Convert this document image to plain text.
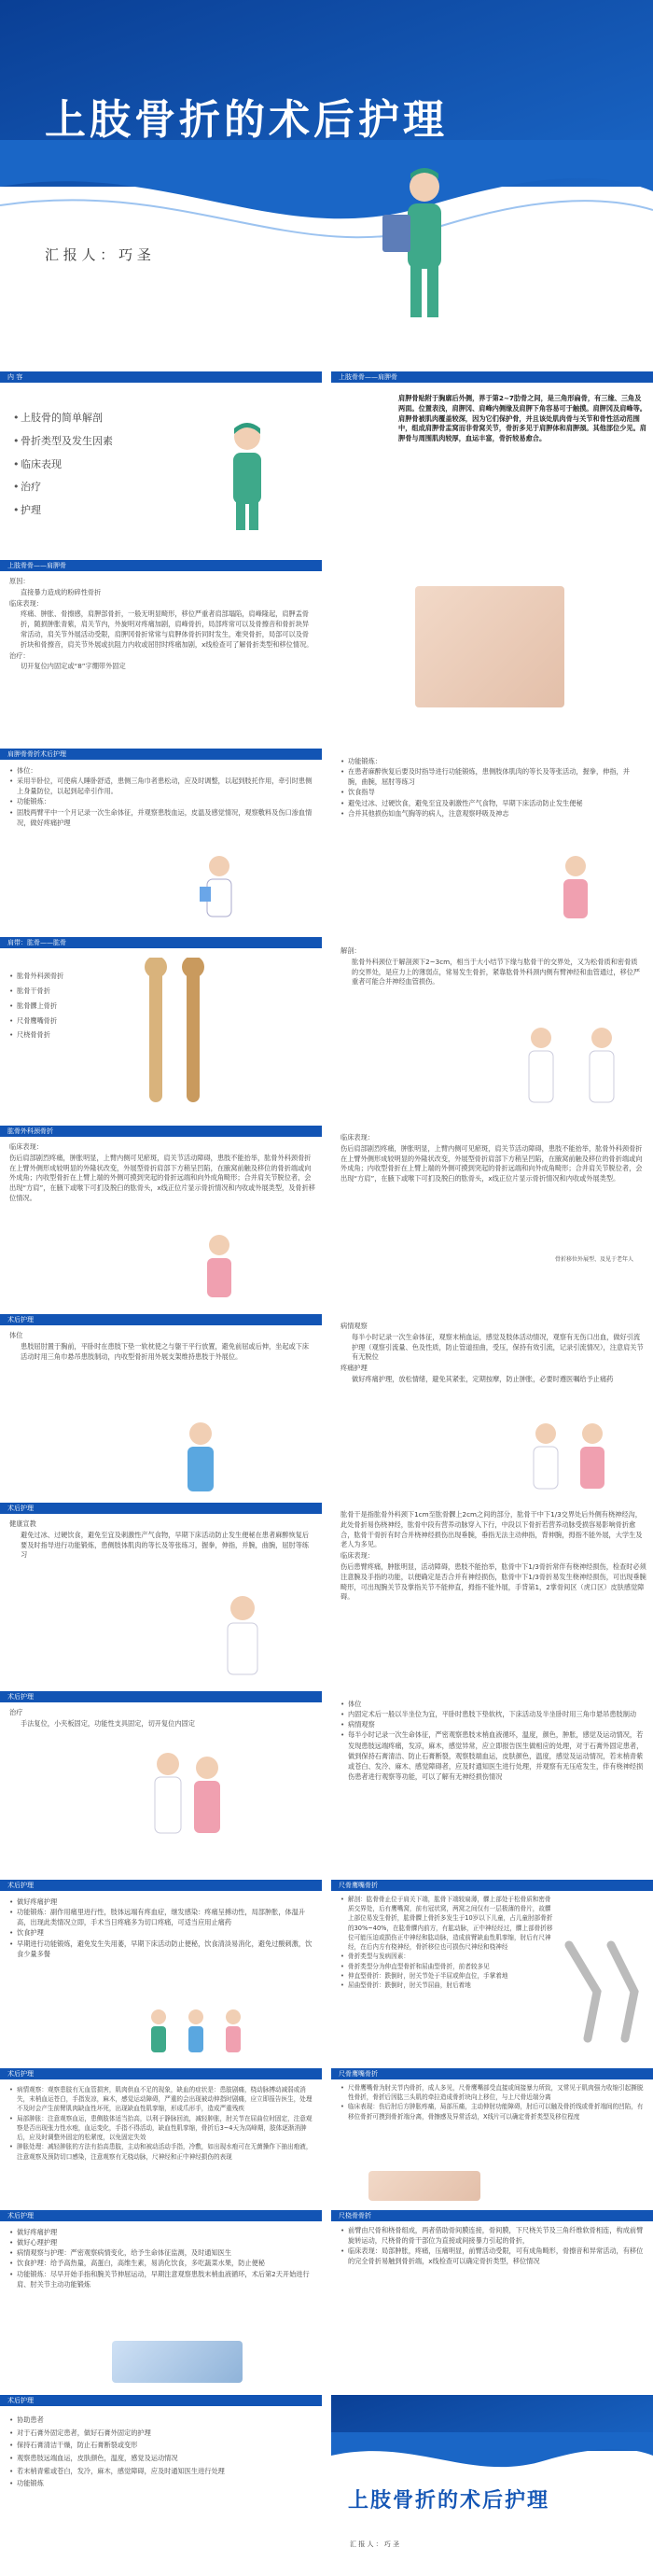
上肢骨折的术后护理
汇 报 人 ： 巧 圣
内 容
• 上肢骨的简单解剖
• 骨折类型及发生因素
• 临床表现
• 治疗
• 护理
上肢骨骨——肩胛骨
肩胛骨贴附于胸廓后外侧，界于第2~7肋骨之间，是三角形扁骨，有三缘、三角及两面。位置表浅，肩胛冈、肩峰内侧缘及肩胛下角容易可于触摸。肩胛冈及肩峰等。肩胛骨被肌肉覆盖较深，因为它们保护骨，并且该处肌肉骨与关节和骨性活动范围中，组成肩胛骨盂窝而非骨窝关节，骨折多见于肩胛体和肩胛颈。其他部位少见。肩胛骨与周围肌肉较厚，血运丰富，骨折较易愈合。
上肢骨骨——肩胛骨

原因：

直接暴力造成的粉碎性骨折

临床表现：

疼痛、肿胀、骨擦感，肩胛部骨折，一般无明显畸形，移位严重者肩部塌陷，肩峰隆起，肩胛盂骨折，随损肿胀青紫，肩关节内，外旋明对疼痛加剧，肩峰骨折，局部疼常可以及骨擦音和骨折块异常活动，肩关节外展活动受限，肩胛冈骨折常常与肩胛体骨折同时发生，难突骨折，局部可以及骨折块和骨擦音，肩关节外展或抗阻力内收或屈肘时疼痛加剧，x线检查可了解骨折类型和移位情况。

治疗：

切开复位内固定或“8”字绷带外固定

肩胛骨骨折术后护理
• 体位：
• 采用半卧位，可使病人睡卧舒适，患侧三角巾者患松动，应及时调整，以起到肢托作用，牵引时患侧上身量防位，以起到起牵引作用。
• 功能锻炼：
• 固肢两臂平中一个月记录一次生命体征，并观察患肢血运，皮温及感觉情况，观察敷料及伤口渗血情况，做好疼痛护理
• 功能锻炼：
• 在患者麻醉恢复后要及时指导进行功能锻炼，患侧肢体肌肉的等长及等张活动，握拳，伸指，并腕，曲腕，屈肘等练习
• 饮食指导
• 避免过冰、过硬饮食，避免至宜及刺激性产气食物，早期下床活动防止发生便秘
• 合并其他损伤如血气胸等的病人，注意观察呼吸及神志
肩带：肱骨——肱骨
• 肱骨外科颈骨折
• 肱骨干骨折
• 肱骨髁上骨折
• 尺骨鹰嘴骨折
• 尺桡骨骨折

解剖：

肱骨外科颈位于解剖颈下2~3cm，相当于大小结节下缘与肱骨干的交界处，又为松骨质和密骨质的交界处，是应力上的薄弱点，常易发生骨折，紧靠肱骨外科颈内侧有臂神经和血管通过，移位严重者可能合并神经血管损伤。

肱骨外科颈骨折

临床表现：

伤后肩部剧烈疼痛，肿胀明显，上臂内侧可见瘀斑，肩关节活动障碍，患肢不能抬举，肱骨外科颈骨折在上臂外侧形成较明显的外隆状改变，外展型骨折肩部下方稍呈凹陷，在腋窝前触及移位的骨折端或向外成角；内收型骨折在上臂上端的外侧可摸到突起的骨折远端和向外成角畸形；合并肩关节脱位者，会出现“方肩”，在腋下或喉下可扪及脱臼的肱骨头，x线正位片显示骨折情况和内收或外展类型，及骨折移位情况。

临床表现：

伤后肩部剧烈疼痛，肿胀明显，上臂内侧可见瘀斑，肩关节活动障碍，患肢不能抬举，肱骨外科颈骨折在上臂外侧形成较明显的外隆状改变，外展型骨折肩部下方稍呈凹陷，在腋窝前触及移位的骨折端或向外成角；内收型骨折在上臂上端的外侧可摸到突起的骨折远端和向外成角畸形；合并肩关节脱位者，会出现“方肩”，在腋下或喉下可扪及脱臼的肱骨头，x线正位片显示骨折情况和内收或外展类型。

骨折移位外展型、及见于老年人
术后护理

体位

患肢屈肘置于胸前，平卧时在患肢下垫一软枕使之与躯干平行放置，避免前屈或后伸，坐起或下床活动时用三角巾悬吊患肢制动，内收型骨折用外展支架维持患肢于外展位。

病情观察

每半小时记录一次生命体征，观察末梢血运，感觉及肢体活动情况，观察有无伤口出血，做好引流护理（观察引流量、色及性质，防止管道扭曲，受压，保持有效引流，记录引流情况），注意肩关节有无脱位

疼痛护理

做好疼痛护理，放松情绪，避免其紧张，定期按摩，防止肿胀，必要时遵医嘱给予止痛药

术后护理

健康宣教

避免过冰、过硬饮食，避免至宜及刺激性产气食物，早期下床活动防止发生便秘在患者麻醉恢复后要及时指导进行功能锻炼，患侧肢体肌肉的等长及等张练习，握拳，伸指，并腕，曲腕，屈肘等练习

肱骨干是指肱骨外科颈下1cm至肱骨髁上2cm之间的部分，肱骨干中下1/3交界处后外侧有桡神经沟，此处骨折易伤桡神经，肱骨中段有营养动脉穿入下行，中段以下骨折若营养动脉受损容易影响骨折愈合，肱骨干骨折有时合并桡神经损伤出现垂腕，垂指无法主动伸指，背伸腕，拇指不能外展，大学生及老人为多见。

临床表现：

伤后患臂疼痛，肿胀明显，活动障碍，患肢不能抬举，肱骨中下1/3骨折常伴有桡神经损伤，检查时必须注意腕及手指的功能，以便确定是否合并有神经损伤，肱骨中下1/3骨折易发生桡神经损伤，可出现垂腕畸形，可出现腕关节及掌指关节不能伸直，拇指不能外展，手背第1，2掌骨间区（虎口区）皮肤感觉障碍。

术后护理

治疗

手法复位，小夹板固定，功能性支具固定，切开复位内固定

• 体位
• 内固定术后一般以半坐位为宜，平卧时患肢下垫软枕，下床活动及半坐卧时用三角巾悬吊患肢制动
• 病情观察
• 每半小时记录一次生命体征，严密观察患肢末梢血液循环，温度，颜色，肿胀，感觉及运动情况，若发现患肢远端疼痛，发凉，麻木，感觉异常，应立即报告医生做相应的处理，对于石膏外固定患者，做到保持石膏清洁、防止石膏断裂，观察肢端血运，皮肤颜色，温度，感觉及运动情况，若末梢青紫或苍白、发冷、麻木、感觉障碍者，应及时通知医生进行处理，并观察有无压疮发生，伴有桡神经损伤患者进行观察等功能，可以了解有无神经损伤情况
术后护理
• 做好疼痛护理
• 功能锻炼：副作用痛里进行性，肢体远端有疼血症，继发感染：疼痛呈搏动性，局部肿胀，体温升高，出现此类情况立即，手术当日疼痛多为切口疼痛，可适当应用止痛药
• 饮食护理
• 早期进行功能锻炼，避免发生失用萎，早期下床活动防止便秘，饮食清淡易消化，避免过酸刺激，饮食少量多餐
尺骨鹰嘴骨折
• 解剖：肱骨骨止位于肩关下端，肱骨下端较扁薄，髁上部处于松骨质和密骨质交界处，后有鹰嘴窝，前有冠状窝，两窝之间仅有一层极薄的骨片，故髁上部位易发生骨折，肱骨髁上骨折多发生于10岁以下儿童，占儿童肘部骨折的30%~40%，在肱骨髁内前方，有肱动脉，正中神经经过，髁上部骨折移位可能压迫或损伤正中神经和肱动脉，造成前臂缺血性肌挛缩，肘后有尺神经，在后内方有桡神经，骨折移位也可损伤尺神经和桡神经
• 骨折类型与发病因素：
• 骨折类型分为伸直型骨折和屈曲型骨折，前者较多见
• 伸直型骨折：跌倒时，肘关节处于半屈或伸直位，手掌着地
• 屈曲型骨折：跌倒时，肘关节屈曲，肘后着地
术后护理
• 病情观察：观察患肢有无血管损害，肌肉供血不足的现象，缺血的症状是：患肢剧痛，桡动脉搏动减弱或消失，末梢血运苍白，手指发凉，麻木，感觉运动障碍，严重的会出现被动伸指时剧痛，应立即报告医生，处理不及时会产生前臂肌肉缺血性坏死，出现缺血性肌挛缩，形成爪形手，造成严重残疾
• 局部肿胀：注意观察血运，患侧肢体适当抬高，以利于静脉回流，减轻肿胀，肘关节在屈曲位时固定，注意观察是否出现张力性水疱，血运变化，手指不得活动，缺血性肌挛缩，骨折后3~4天为高峰期，肢体逐渐消肿后，应及时调整外固定的松紧度，以免固定失效
• 肿胀处理：减轻肿胀的方法有抬高患肢，主动和被动活动手指，冷敷，如出现水疱可在无菌操作下抽出疱液，注意观察及预防切口感染，注意观察有无桡动脉，尺神经和正中神经损伤的表现
尺骨鹰嘴骨折
• 尺骨鹰嘴骨为肘关节内骨折，成人多见，尺骨鹰嘴部受直接或间接暴力所致，又常见于肌肉强力收缩引起撕脱性骨折，骨折后因肱三头肌的牵拉造成骨折块向上移位，与上尺骨近端分离
• 临床表现：伤后肘后方肿胀疼痛，局部压痛，主动伸肘功能障碍，肘后可以触及骨折线或骨折端间的凹陷，有移位骨折可摸到骨折端分离，骨擦感及异常活动，X线片可以确定骨折类型及移位程度
术后护理
• 做好疼痛护理
• 做好心理护理
• 病情观察与护理：严密观察病情变化，给予生命体征监测，及时通知医生
• 饮食护理：给予高热量，高蛋白，高维生素，易消化饮食，多吃蔬菜水果，防止便秘
• 功能锻炼：尽早开始手指和腕关节伸屈运动，早期注意观察患肢末梢血液循环，术后第2天开始进行肩、肘关节主动功能锻炼
尺桡骨骨折
• 前臂由尺骨和桡骨组成，两者借助骨间膜连接，骨间膜，下尺桡关节及三角纤维软骨相连，构成前臂旋转运动，尺桡骨的骨干部位为直接或间接暴力引起的骨折，
• 临床表现：局部肿胀，疼痛，压痛明显，前臂活动受限，可有成角畸形，骨擦音和异常活动，有移位的完全骨折易触到骨折端，x线检查可以确定骨折类型，移位情况
术后护理
• 协助患者
• 对于石膏外固定患者，做好石膏外固定的护理
• 保持石膏清洁干燥，防止石膏断裂或变形
• 观察患肢远端血运，皮肤颜色，温度，感觉及运动情况
• 若末梢青紫或苍白，发冷，麻木，感觉障碍，应及时通知医生进行处理
• 功能锻炼
上肢骨折的术后护理
汇 报 人 ： 巧 圣
